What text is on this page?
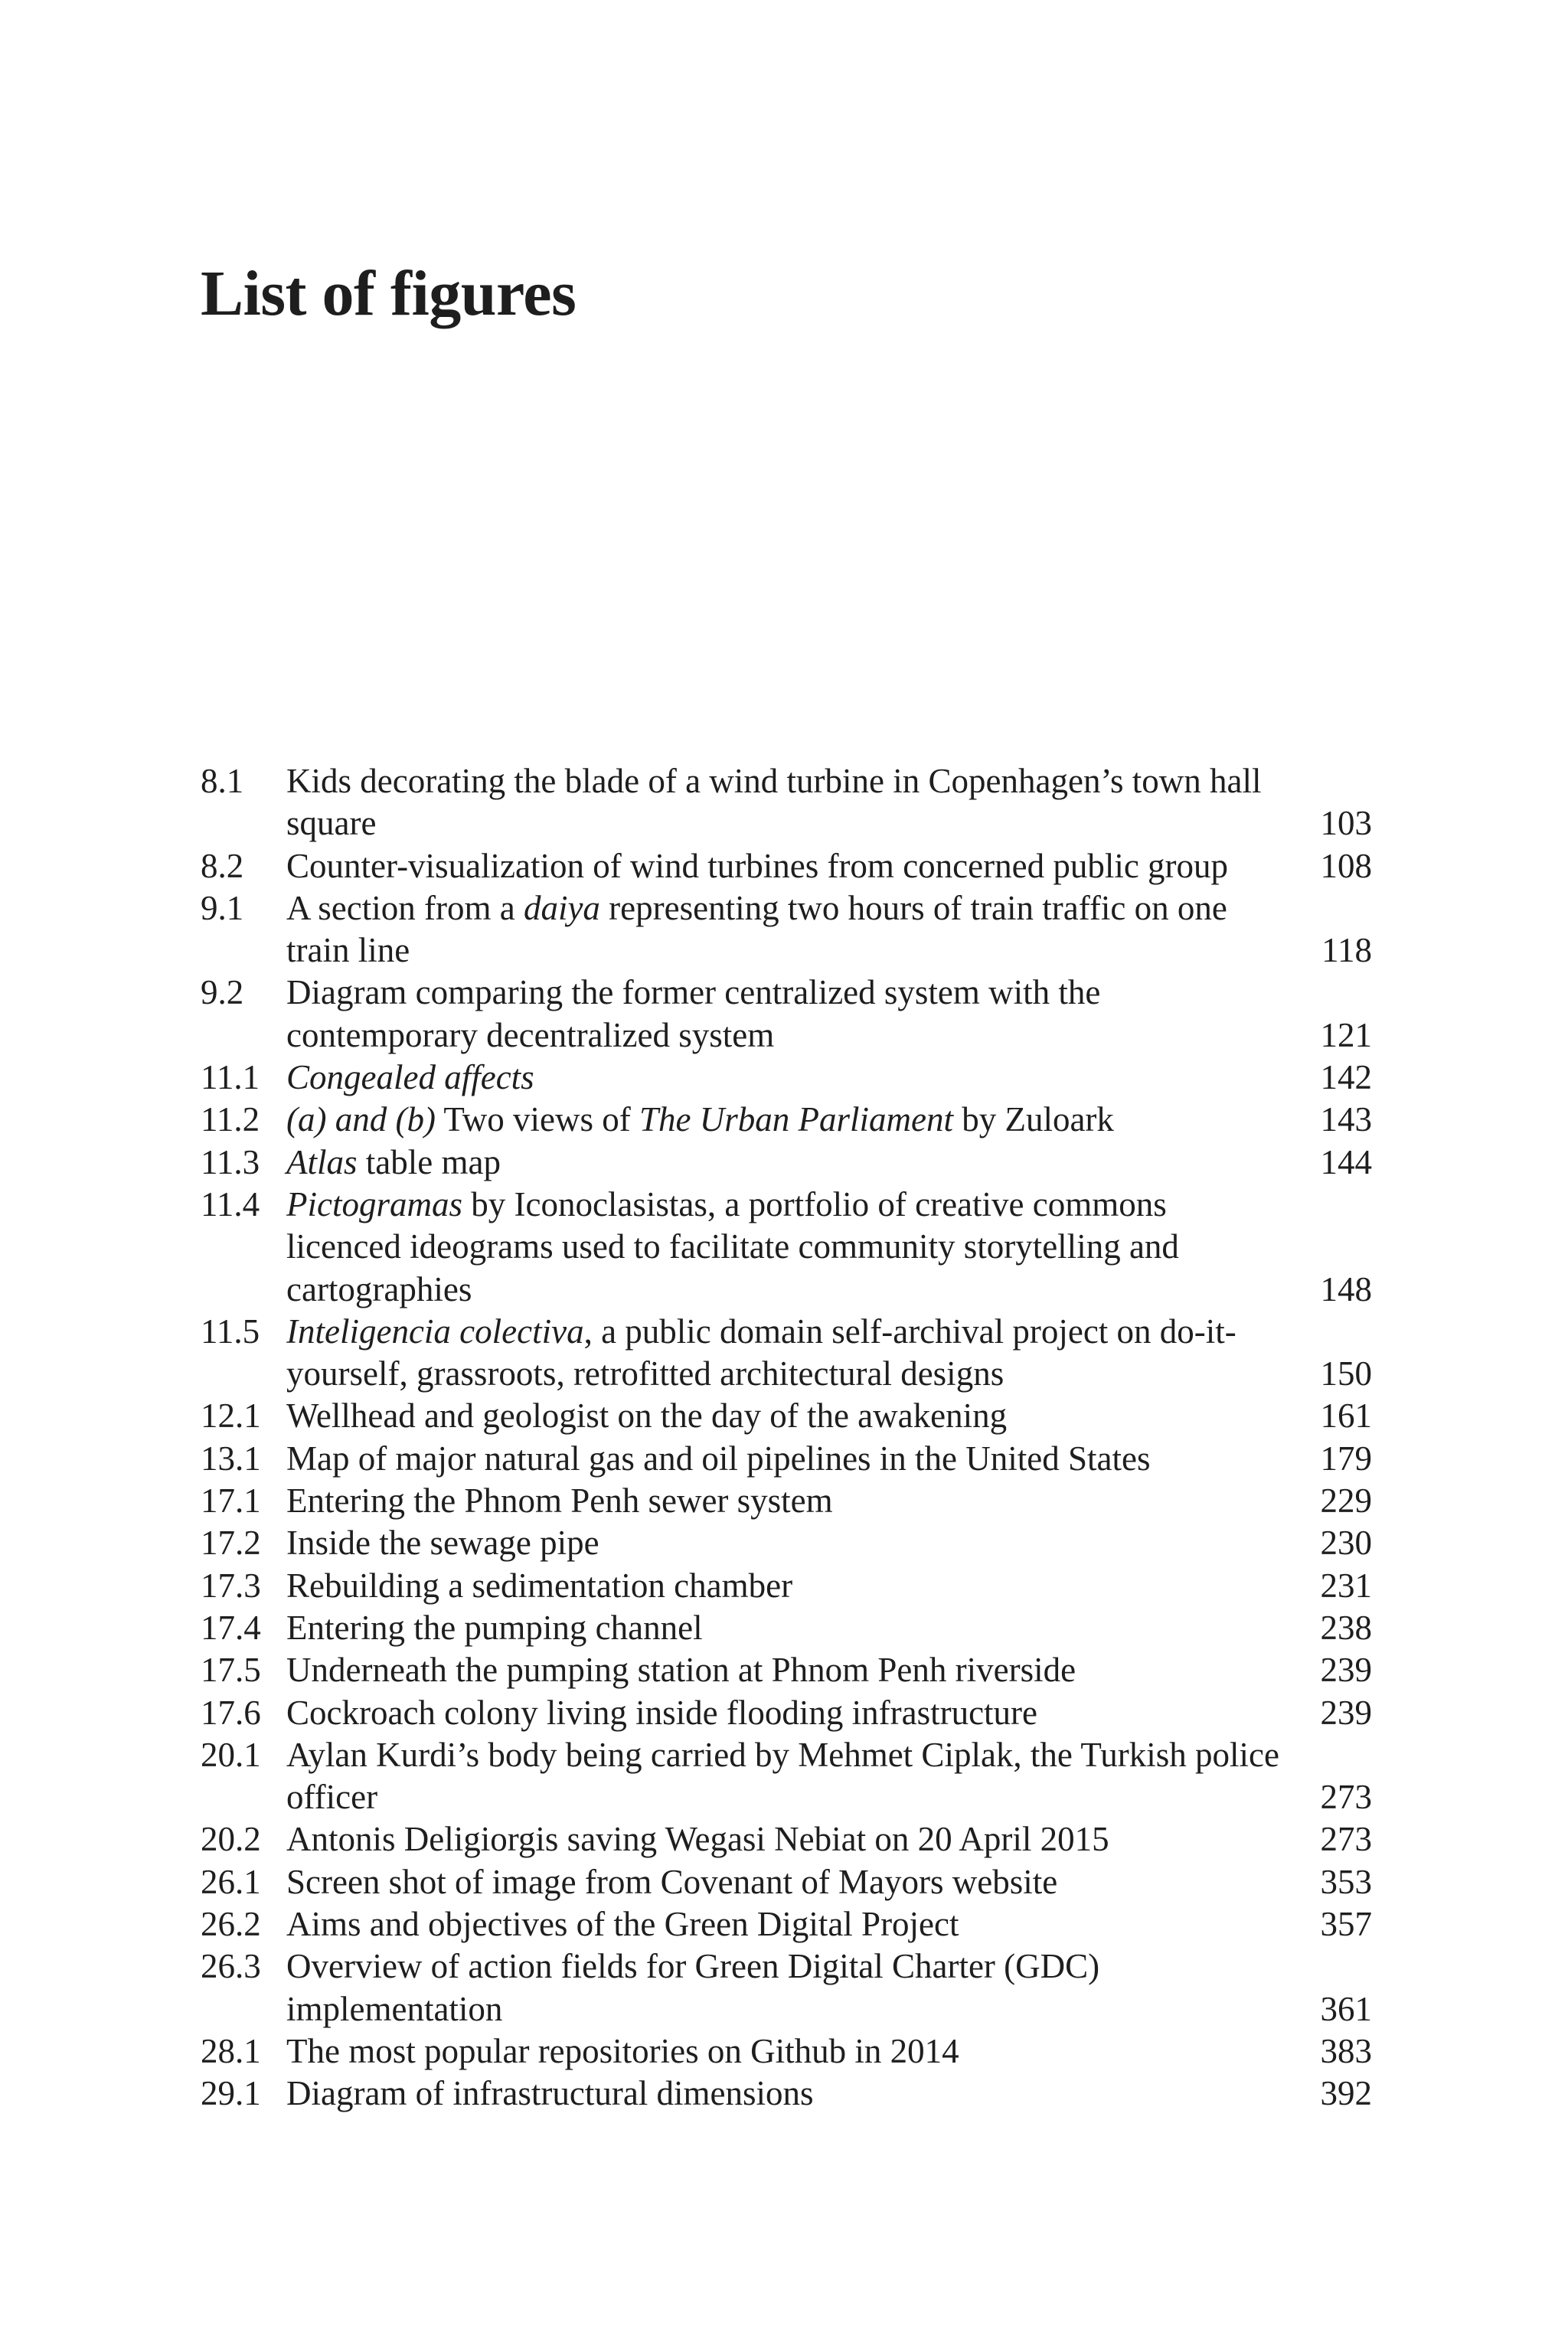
List of figures
8.1	Kids decorating the blade of a wind turbine in Copenhagen’s town hall square	103
8.2	Counter-visualization of wind turbines from concerned public group	108
9.1	A section from a daiya representing two hours of train traffic on one train line	118
9.2	Diagram comparing the former centralized system with the contemporary decentralized system	121
11.1 Congealed affects	142
11.2 (a) and (b) Two views of The Urban Parliament by Zuloark	143
11.3 Atlas table map	144
11.4 Pictogramas by Iconoclasistas, a portfolio of creative commons licenced ideograms used to facilitate community storytelling and cartographies	148
11.5 Inteligencia colectiva, a public domain self-archival project on do-it-yourself, grassroots, retrofitted architectural designs	150
12.1 Wellhead and geologist on the day of the awakening	161
13.1 Map of major natural gas and oil pipelines in the United States	179
17.1 Entering the Phnom Penh sewer system	229
17.2 Inside the sewage pipe	230
17.3 Rebuilding a sedimentation chamber	231
17.4 Entering the pumping channel	238
17.5 Underneath the pumping station at Phnom Penh riverside	239
17.6 Cockroach colony living inside flooding infrastructure	239
20.1 Aylan Kurdi’s body being carried by Mehmet Ciplak, the Turkish police officer	273
20.2 Antonis Deligiorgis saving Wegasi Nebiat on 20 April 2015	273
26.1 Screen shot of image from Covenant of Mayors website	353
26.2 Aims and objectives of the Green Digital Project	357
26.3 Overview of action fields for Green Digital Charter (GDC) implementation	361
28.1 The most popular repositories on Github in 2014	383
29.1 Diagram of infrastructural dimensions	392
